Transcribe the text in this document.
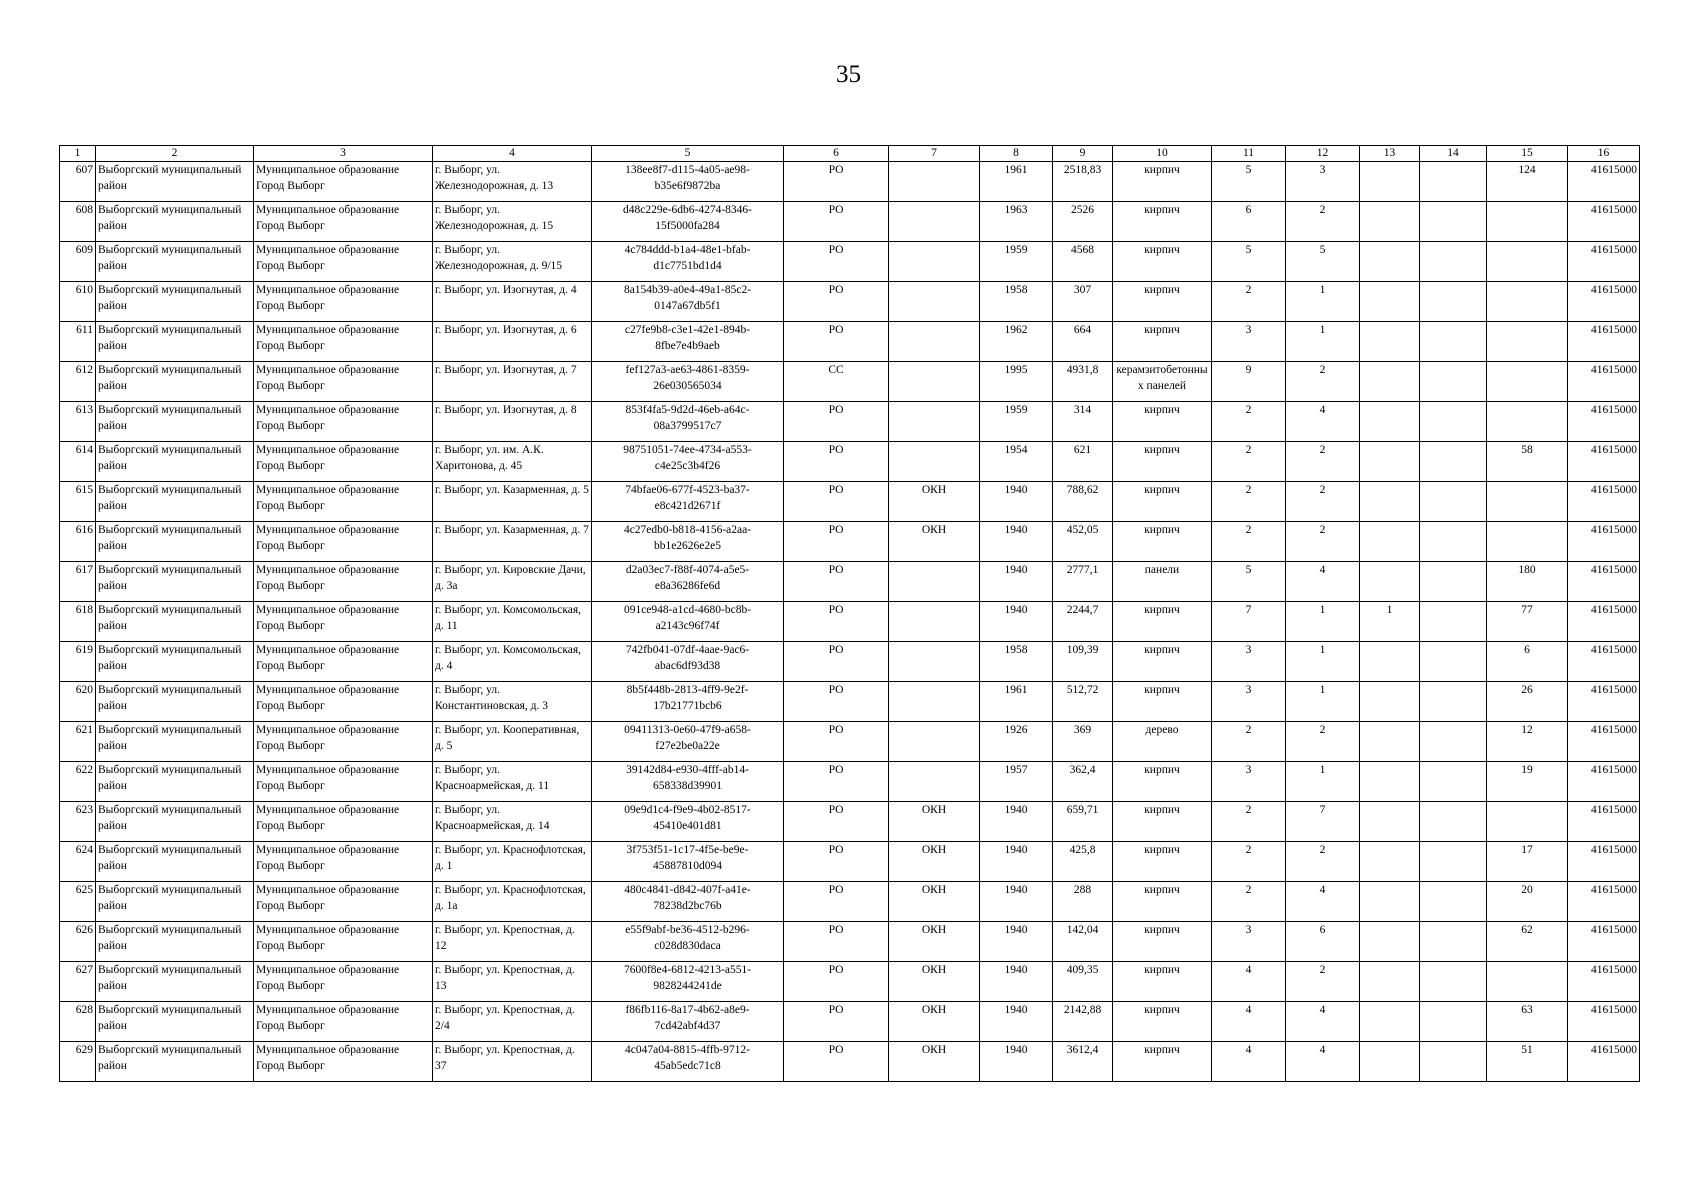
35
1	2	3	4	5	6	7	8	9	10	11	12	13	14	15	16
607	Выборгский муниципальный район	Муниципальное образование Город Выборг	г. Выборг, ул. Железнодорожная, д. 13	138ee8f7-d115-4a05-ae98-b35e6f9872ba	РО		1961	2518,83	кирпич	5	3			124	41615000
608	Выборгский муниципальный район	Муниципальное образование Город Выборг	г. Выборг, ул. Железнодорожная, д. 15	d48c229e-6db6-4274-8346-15f5000fa284	РО		1963	2526	кирпич	6	2				41615000
609	Выборгский муниципальный район	Муниципальное образование Город Выборг	г. Выборг, ул. Железнодорожная, д. 9/15	4c784ddd-b1a4-48e1-bfab-d1c7751bd1d4	РО		1959	4568	кирпич	5	5				41615000
610	Выборгский муниципальный район	Муниципальное образование Город Выборг	г. Выборг, ул. Изогнутая, д. 4	8a154b39-a0e4-49a1-85c2-0147a67db5f1	РО		1958	307	кирпич	2	1				41615000
611	Выборгский муниципальный район	Муниципальное образование Город Выборг	г. Выборг, ул. Изогнутая, д. 6	c27fe9b8-c3e1-42e1-894b-8fbe7e4b9aeb	РО		1962	664	кирпич	3	1				41615000
612	Выборгский муниципальный район	Муниципальное образование Город Выборг	г. Выборг, ул. Изогнутая, д. 7	fef127a3-ae63-4861-8359-26e030565034	СС		1995	4931,8	керамзитобетонных панелей	9	2				41615000
613	Выборгский муниципальный район	Муниципальное образование Город Выборг	г. Выборг, ул. Изогнутая, д. 8	853f4fa5-9d2d-46eb-a64c-08a3799517c7	РО		1959	314	кирпич	2	4				41615000
614	Выборгский муниципальный район	Муниципальное образование Город Выборг	г. Выборг, ул. им. А.К. Харитонова, д. 45	98751051-74ee-4734-a553-c4e25c3b4f26	РО		1954	621	кирпич	2	2			58	41615000
615	Выборгский муниципальный район	Муниципальное образование Город Выборг	г. Выборг, ул. Казарменная, д. 5	74bfae06-677f-4523-ba37-e8c421d2671f	РО	ОКН	1940	788,62	кирпич	2	2				41615000
616	Выборгский муниципальный район	Муниципальное образование Город Выборг	г. Выборг, ул. Казарменная, д. 7	4c27edb0-b818-4156-a2aa-bb1e2626e2e5	РО	ОКН	1940	452,05	кирпич	2	2				41615000
617	Выборгский муниципальный район	Муниципальное образование Город Выборг	г. Выборг, ул. Кировские Дачи, д. 3а	d2a03ec7-f88f-4074-a5e5-e8a36286fe6d	РО		1940	2777,1	панели	5	4			180	41615000
618	Выборгский муниципальный район	Муниципальное образование Город Выборг	г. Выборг, ул. Комсомольская, д. 11	091ce948-a1cd-4680-bc8b-a2143c96f74f	РО		1940	2244,7	кирпич	7	1	1		77	41615000
619	Выборгский муниципальный район	Муниципальное образование Город Выборг	г. Выборг, ул. Комсомольская, д. 4	742fb041-07df-4aae-9ac6-abac6df93d38	РО		1958	109,39	кирпич	3	1			6	41615000
620	Выборгский муниципальный район	Муниципальное образование Город Выборг	г. Выборг, ул. Константиновская, д. 3	8b5f448b-2813-4ff9-9e2f-17b21771bcb6	РО		1961	512,72	кирпич	3	1			26	41615000
621	Выборгский муниципальный район	Муниципальное образование Город Выборг	г. Выборг, ул. Кооперативная, д. 5	09411313-0e60-47f9-a658-f27e2be0a22e	РО		1926	369	дерево	2	2			12	41615000
622	Выборгский муниципальный район	Муниципальное образование Город Выборг	г. Выборг, ул. Красноармейская, д. 11	39142d84-e930-4fff-ab14-658338d39901	РО		1957	362,4	кирпич	3	1			19	41615000
623	Выборгский муниципальный район	Муниципальное образование Город Выборг	г. Выборг, ул. Красноармейская, д. 14	09e9d1c4-f9e9-4b02-8517-45410e401d81	РО	ОКН	1940	659,71	кирпич	2	7				41615000
624	Выборгский муниципальный район	Муниципальное образование Город Выборг	г. Выборг, ул. Краснофлотская, д. 1	3f753f51-1c17-4f5e-be9e-45887810d094	РО	ОКН	1940	425,8	кирпич	2	2			17	41615000
625	Выборгский муниципальный район	Муниципальное образование Город Выборг	г. Выборг, ул. Краснофлотская, д. 1а	480c4841-d842-407f-a41e-78238d2bc76b	РО	ОКН	1940	288	кирпич	2	4			20	41615000
626	Выборгский муниципальный район	Муниципальное образование Город Выборг	г. Выборг, ул. Крепостная, д. 12	e55f9abf-be36-4512-b296-c028d830daca	РО	ОКН	1940	142,04	кирпич	3	6			62	41615000
627	Выборгский муниципальный район	Муниципальное образование Город Выборг	г. Выборг, ул. Крепостная, д. 13	7600f8e4-6812-4213-a551-9828244241de	РО	ОКН	1940	409,35	кирпич	4	2				41615000
628	Выборгский муниципальный район	Муниципальное образование Город Выборг	г. Выборг, ул. Крепостная, д. 2/4	f86fb116-8a17-4b62-a8e9-7cd42abf4d37	РО	ОКН	1940	2142,88	кирпич	4	4			63	41615000
629	Выборгский муниципальный район	Муниципальное образование Город Выборг	г. Выборг, ул. Крепостная, д. 37	4c047a04-8815-4ffb-9712-45ab5edc71c8	РО	ОКН	1940	3612,4	кирпич	4	4			51	41615000
